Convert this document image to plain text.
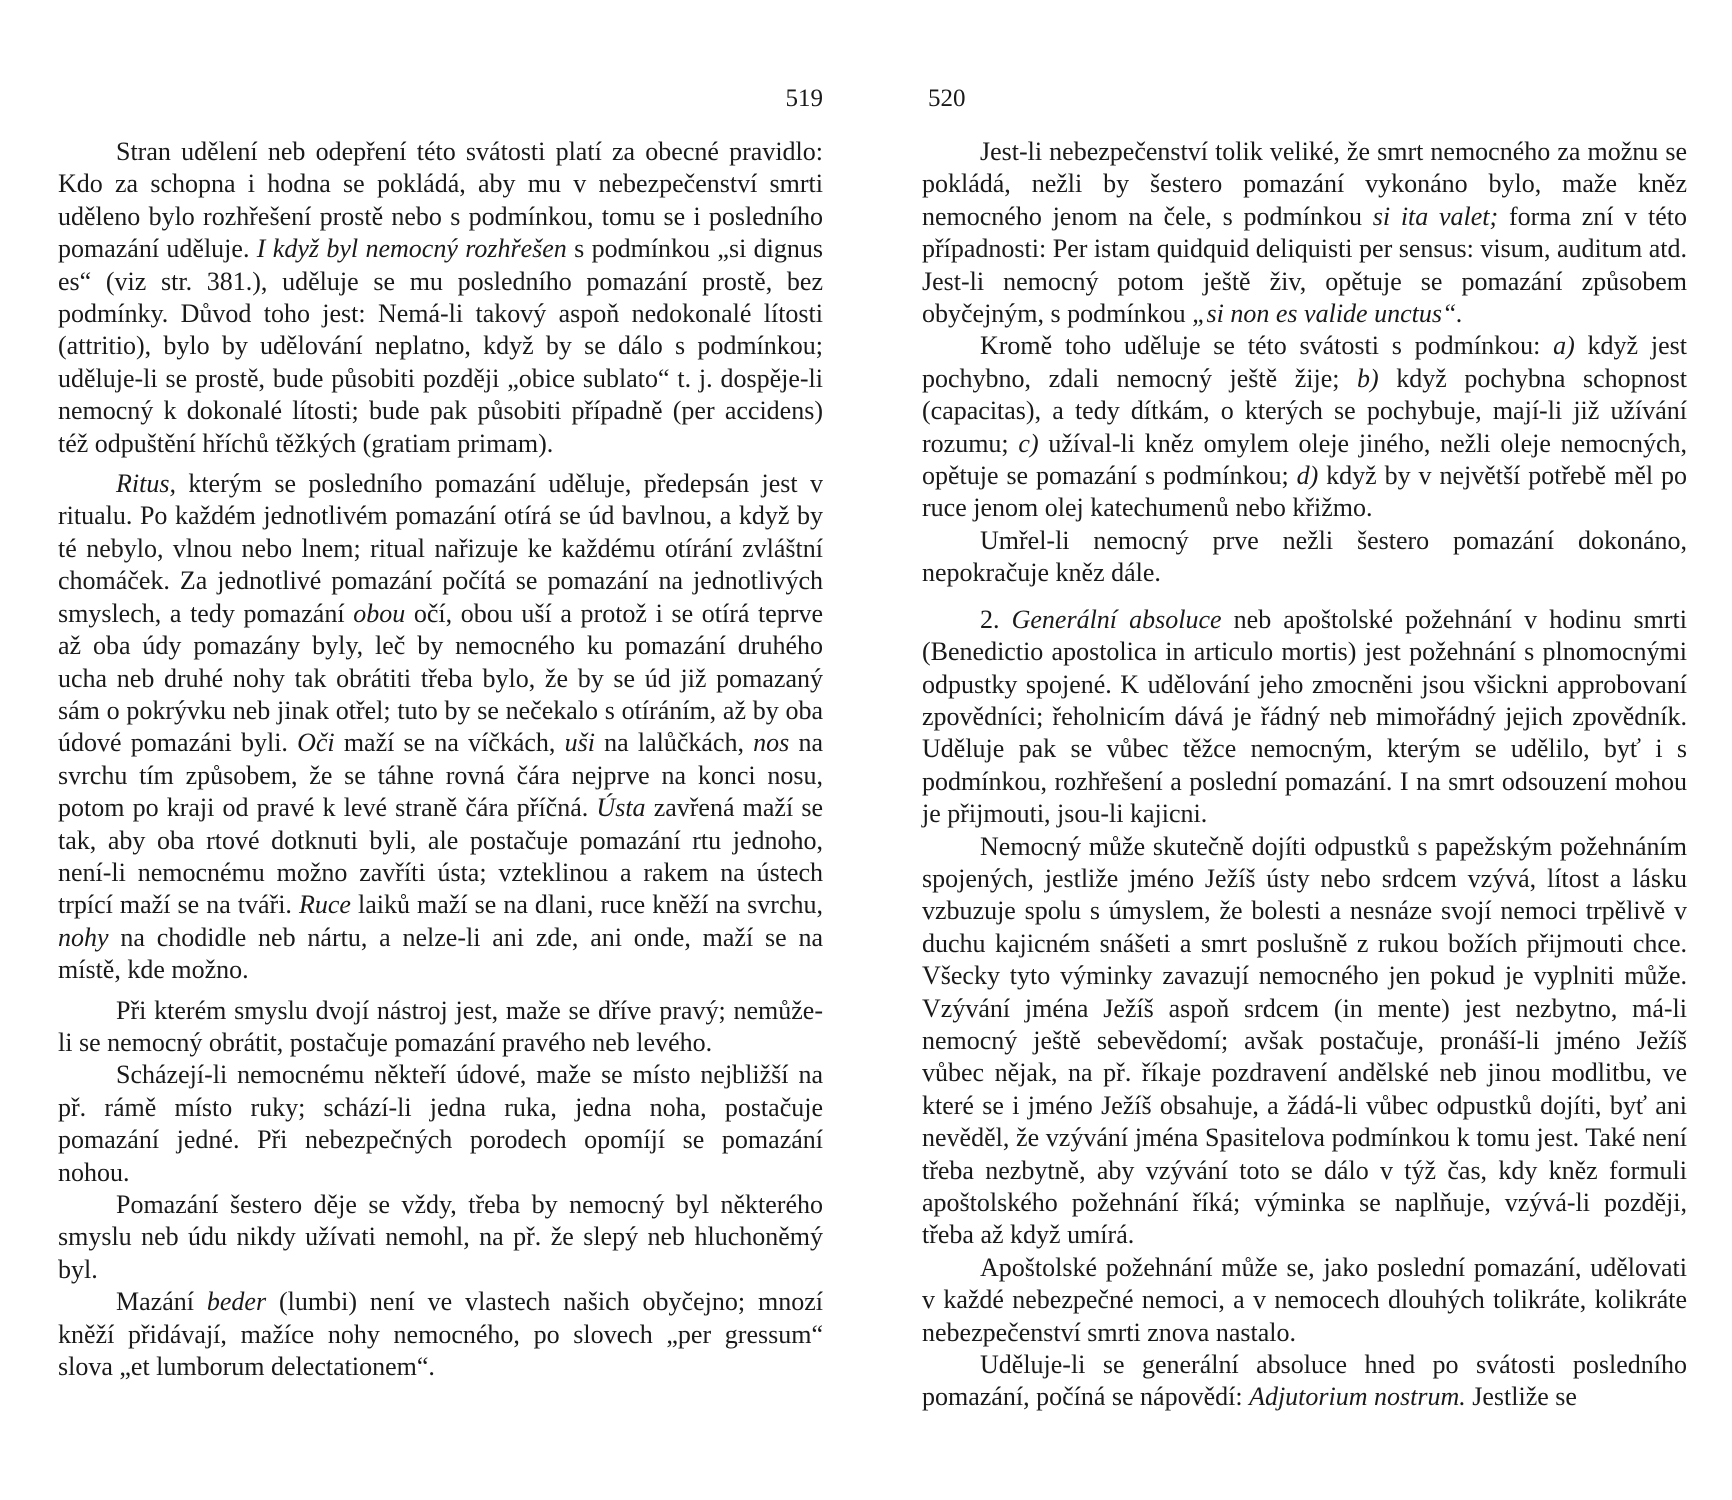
519

Stran udělení neb odepření této svátosti platí za obecné pravidlo: Kdo za schopna i hodna se pokládá, aby mu v nebezpečenství smrti uděleno bylo rozhřešení prostě nebo s podmínkou, tomu se i posledního pomazání uděluje. I když byl nemocný rozhřešen s podmínkou „si dignus es“ (viz str. 381.), uděluje se mu posledního pomazání prostě, bez podmínky. Důvod toho jest: Nemá-li takový aspoň nedokonalé lítosti (attritio), bylo by udělování neplatno, když by se dálo s podmínkou; uděluje-li se prostě, bude působiti později „obice sublato“ t. j. dospěje-li nemocný k dokonalé lítosti; bude pak působiti případně (per accidens) též odpuštění hříchů těžkých (gratiam primam).

Ritus, kterým se posledního pomazání uděluje, předepsán jest v ritualu. Po každém jednotlivém pomazání otírá se úd bavlnou, a když by té nebylo, vlnou nebo lnem; ritual nařizuje ke každému otírání zvláštní chomáček. Za jednotlivé pomazání počítá se pomazání na jednotlivých smyslech, a tedy pomazání obou očí, obou uší a protož i se otírá teprve až oba údy pomazány byly, leč by nemocného ku pomazání druhého ucha neb druhé nohy tak obrátiti třeba bylo, že by se úd již pomazaný sám o pokrývku neb jinak otřel; tuto by se nečekalo s otíráním, až by oba údové pomazáni byli. Oči maží se na víčkách, uši na lalůčkách, nos na svrchu tím způsobem, že se táhne rovná čára nejprve na konci nosu, potom po kraji od pravé k levé straně čára příčná. Ústa zavřená maží se tak, aby oba rtové dotknuti byli, ale postačuje pomazání rtu jednoho, není-li nemocnému možno zavříti ústa; vzteklinou a rakem na ústech trpící maží se na tváři. Ruce laiků maží se na dlani, ruce kněží na svrchu, nohy na chodidle neb nártu, a nelze-li ani zde, ani onde, maží se na místě, kde možno.

Při kterém smyslu dvojí nástroj jest, maže se dříve pravý; nemůže-li se nemocný obrátit, postačuje pomazání pravého neb levého.

Scházejí-li nemocnému někteří údové, maže se místo nejbližší na př. rámě místo ruky; schází-li jedna ruka, jedna noha, postačuje pomazání jedné. Při nebezpečných porodech opomíjí se pomazání nohou.

Pomazání šestero děje se vždy, třeba by nemocný byl některého smyslu neb údu nikdy užívati nemohl, na př. že slepý neb hluchoněmý byl.

Mazání beder (lumbi) není ve vlastech našich obyčejno; mnozí kněží přidávají, mažíce nohy nemocného, po slovech „per gressum“ slova „et lumborum delectationem“.

520

Jest-li nebezpečenství tolik veliké, že smrt nemocného za možnu se pokládá, nežli by šestero pomazání vykonáno bylo, maže kněz nemocného jenom na čele, s podmínkou si ita valet; forma zní v této případnosti: Per istam quidquid deliquisti per sensus: visum, auditum atd. Jest-li nemocný potom ještě živ, opětuje se pomazání způsobem obyčejným, s podmínkou „si non es valide unctus“.

Kromě toho uděluje se této svátosti s podmínkou: a) když jest pochybno, zdali nemocný ještě žije; b) když pochybna schopnost (capacitas), a tedy dítkám, o kterých se pochybuje, mají-li již užívání rozumu; c) užíval-li kněz omylem oleje jiného, nežli oleje nemocných, opětuje se pomazání s podmínkou; d) když by v největší potřebě měl po ruce jenom olej katechumenů nebo křižmo.

Umřel-li nemocný prve nežli šestero pomazání dokonáno, nepokračuje kněz dále.

2. Generální absoluce neb apoštolské požehnání v hodinu smrti (Benedictio apostolica in articulo mortis) jest požehnání s plnomocnými odpustky spojené. K udělování jeho zmocněni jsou všickni approbovaní zpovědníci; řeholnicím dává je řádný neb mimořádný jejich zpovědník. Uděluje pak se vůbec těžce nemocným, kterým se udělilo, byť i s podmínkou, rozhřešení a poslední pomazání. I na smrt odsouzení mohou je přijmouti, jsou-li kajicni.

Nemocný může skutečně dojíti odpustků s papežským požehnáním spojených, jestliže jméno Ježíš ústy nebo srdcem vzývá, lítost a lásku vzbuzuje spolu s úmyslem, že bolesti a nesnáze svojí nemoci trpělivě v duchu kajicném snášeti a smrt poslušně z rukou božích přijmouti chce. Všecky tyto výminky zavazují nemocného jen pokud je vyplniti může. Vzývání jména Ježíš aspoň srdcem (in mente) jest nezbytno, má-li nemocný ještě sebevědomí; avšak postačuje, pronáší-li jméno Ježíš vůbec nějak, na př. říkaje pozdravení andělské neb jinou modlitbu, ve které se i jméno Ježíš obsahuje, a žádá-li vůbec odpustků dojíti, byť ani nevěděl, že vzývání jména Spasitelova podmínkou k tomu jest. Také není třeba nezbytně, aby vzývání toto se dálo v týž čas, kdy kněz formuli apoštolského požehnání říká; výminka se naplňuje, vzývá-li později, třeba až když umírá.

Apoštolské požehnání může se, jako poslední pomazání, udělovati v každé nebezpečné nemoci, a v nemocech dlouhých tolikráte, kolikráte nebezpečenství smrti znova nastalo.

Uděluje-li se generální absoluce hned po svátosti posledního pomazání, počíná se nápovědí: Adjutorium nostrum. Jestliže se
